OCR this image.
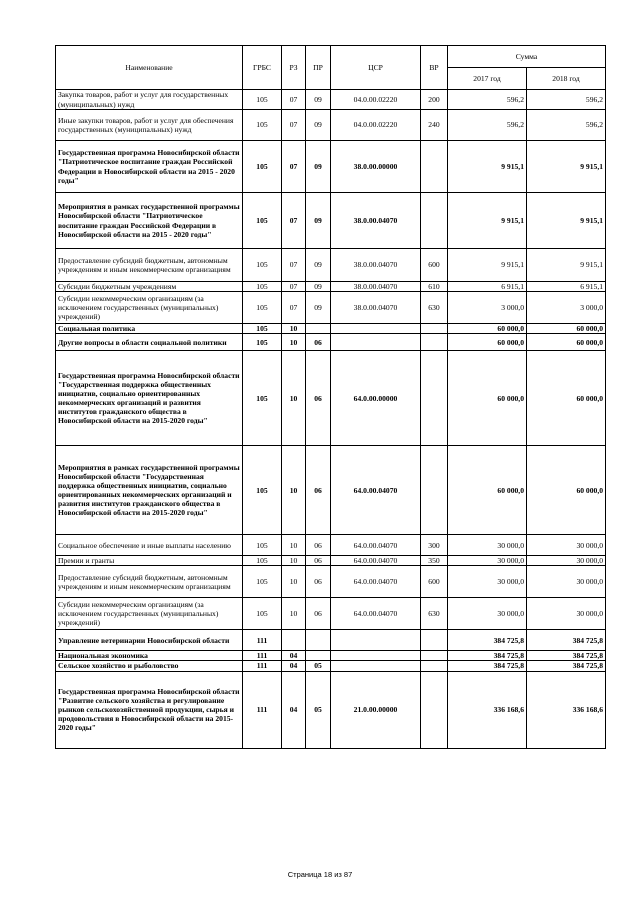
Наименование	ГРБС	РЗ	ПР	ЦСР	ВР	Сумма	
						2017 год	2018 год
Закупка товаров, работ и услуг для государственных (муниципальных) нужд	105	07	09	04.0.00.02220	200	596,2	596,2
Иные закупки товаров, работ и услуг для обеспечения государственных (муниципальных) нужд	105	07	09	04.0.00.02220	240	596,2	596,2
Государственная программа Новосибирской области "Патриотическое воспитание граждан Российской Федерации в Новосибирской области на 2015 - 2020 годы"	105	07	09	38.0.00.00000		9 915,1	9 915,1
Мероприятия в рамках государственной программы Новосибирской области "Патриотическое воспитание граждан Российской Федерации в Новосибирской области на 2015 - 2020 годы"	105	07	09	38.0.00.04070		9 915,1	9 915,1
Предоставление субсидий бюджетным, автономным учреждениям и иным некоммерческим организациям	105	07	09	38.0.00.04070	600	9 915,1	9 915,1
Субсидии бюджетным учреждениям	105	07	09	38.0.00.04070	610	6 915,1	6 915,1
Субсидии некоммерческим организациям (за исключением государственных (муниципальных) учреждений)	105	07	09	38.0.00.04070	630	3 000,0	3 000,0
Социальная политика	105	10				60 000,0	60 000,0
Другие вопросы в области социальной политики	105	10	06			60 000,0	60 000,0
Государственная программа Новосибирской области "Государственная поддержка общественных инициатив, социально ориентированных некоммерческих организаций и развития институтов гражданского общества в Новосибирской области на 2015-2020 годы"	105	10	06	64.0.00.00000		60 000,0	60 000,0
Мероприятия в рамках государственной программы Новосибирской области "Государственная поддержка общественных инициатив, социально ориентированных некоммерческих организаций и развития институтов гражданского общества в Новосибирской области на 2015-2020 годы"	105	10	06	64.0.00.04070		60 000,0	60 000,0
Социальное обеспечение и иные выплаты населению	105	10	06	64.0.00.04070	300	30 000,0	30 000,0
Премии и гранты	105	10	06	64.0.00.04070	350	30 000,0	30 000,0
Предоставление субсидий бюджетным, автономным учреждениям и иным некоммерческим организациям	105	10	06	64.0.00.04070	600	30 000,0	30 000,0
Субсидии некоммерческим организациям (за исключением государственных (муниципальных) учреждений)	105	10	06	64.0.00.04070	630	30 000,0	30 000,0
Управление ветеринарии Новосибирской области	111					384 725,8	384 725,8
Национальная экономика	111	04				384 725,8	384 725,8
Сельское хозяйство и рыболовство	111	04	05			384 725,8	384 725,8
Государственная программа Новосибирской области "Развитие сельского хозяйства и регулирование рынков сельскохозяйственной продукции, сырья и продовольствия в Новосибирской области на 2015-2020 годы"	111	04	05	21.0.00.00000		336 168,6	336 168,6
Страница 18 из 87
